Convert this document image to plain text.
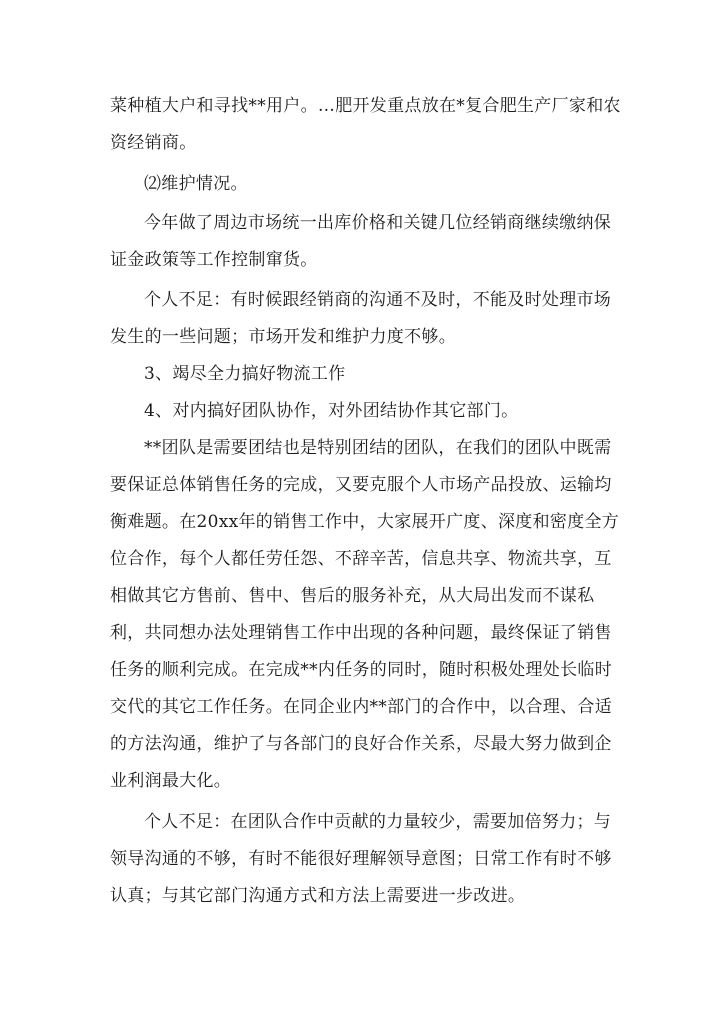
菜种植大户和寻找**用户。…肥开发重点放在*复合肥生产厂家和农
资经销商。
⑵维护情况。
今年做了周边市场统一出库价格和关键几位经销商继续缴纳保
证金政策等工作控制窜货。
个人不足：有时候跟经销商的沟通不及时，不能及时处理市场
发生的一些问题；市场开发和维护力度不够。
3、竭尽全力搞好物流工作
4、对内搞好团队协作，对外团结协作其它部门。
**团队是需要团结也是特别团结的团队，在我们的团队中既需
要保证总体销售任务的完成，又要克服个人市场产品投放、运输均
衡难题。在20xx年的销售工作中，大家展开广度、深度和密度全方
位合作，每个人都任劳任怨、不辞辛苦，信息共享、物流共享，互
相做其它方售前、售中、售后的服务补充，从大局出发而不谋私
利，共同想办法处理销售工作中出现的各种问题，最终保证了销售
任务的顺利完成。在完成**内任务的同时，随时积极处理处长临时
交代的其它工作任务。在同企业内**部门的合作中，以合理、合适
的方法沟通，维护了与各部门的良好合作关系，尽最大努力做到企
业利润最大化。
个人不足：在团队合作中贡献的力量较少，需要加倍努力；与
领导沟通的不够，有时不能很好理解领导意图；日常工作有时不够
认真；与其它部门沟通方式和方法上需要进一步改进。
